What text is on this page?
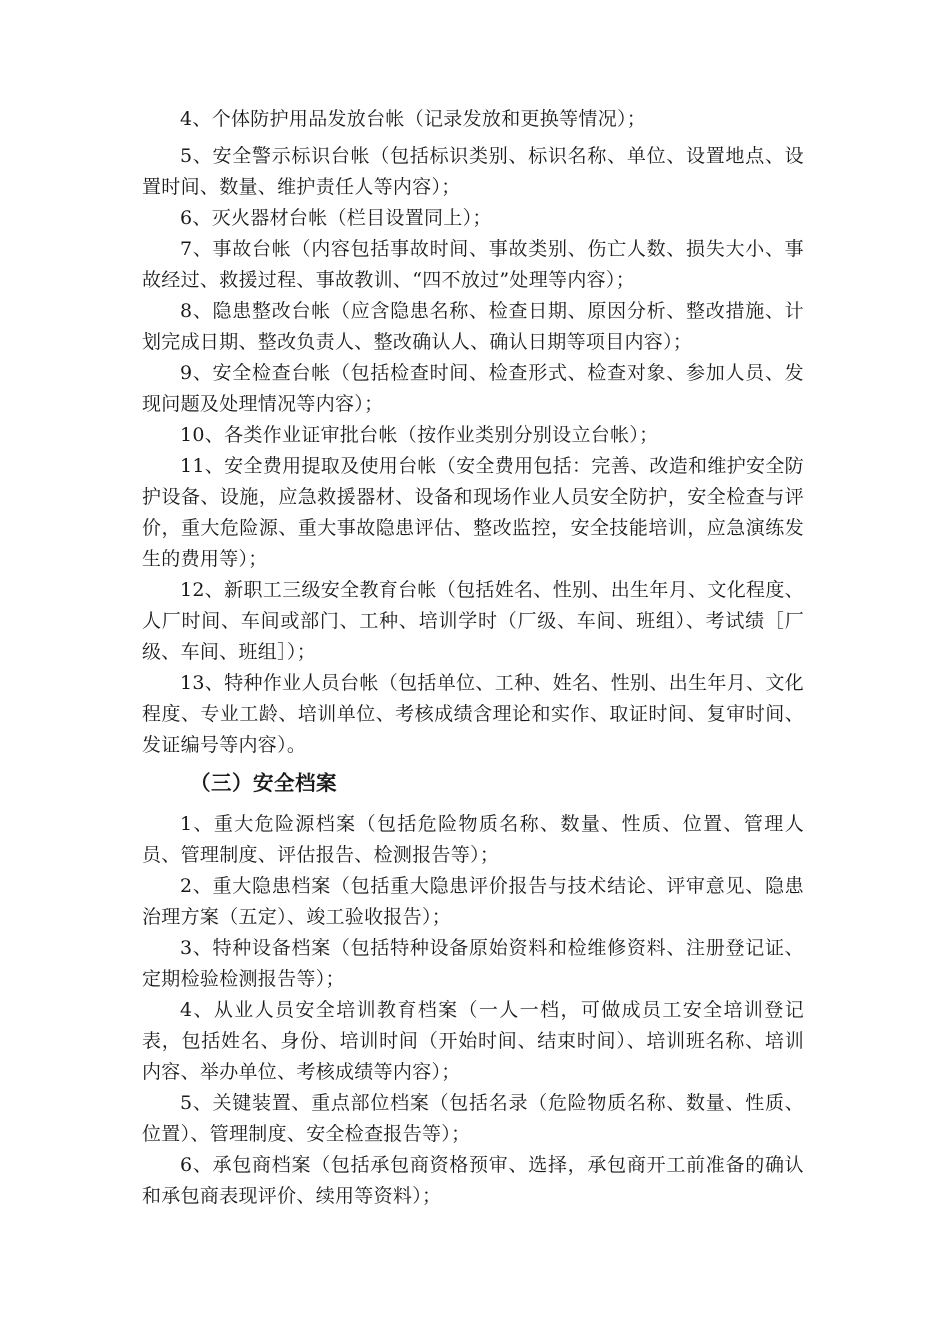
4、个体防护用品发放台帐（记录发放和更换等情况）；

5、安全警示标识台帐（包括标识类别、标识名称、单位、设置地点、设置时间、数量、维护责任人等内容）；

6、灭火器材台帐（栏目设置同上）；

7、事故台帐（内容包括事故时间、事故类别、伤亡人数、损失大小、事故经过、救援过程、事故教训、“四不放过”处理等内容）；

8、隐患整改台帐（应含隐患名称、检查日期、原因分析、整改措施、计划完成日期、整改负责人、整改确认人、确认日期等项目内容）；

9、安全检查台帐（包括检查时间、检查形式、检查对象、参加人员、发现问题及处理情况等内容）；

10、各类作业证审批台帐（按作业类别分别设立台帐）；

11、安全费用提取及使用台帐（安全费用包括：完善、改造和维护安全防护设备、设施，应急救援器材、设备和现场作业人员安全防护，安全检查与评价，重大危险源、重大事故隐患评估、整改监控，安全技能培训，应急演练发生的费用等）；

12、新职工三级安全教育台帐（包括姓名、性别、出生年月、文化程度、人厂时间、车间或部门、工种、培训学时（厂级、车间、班组）、考试绩［厂级、车间、班组］）；

13、特种作业人员台帐（包括单位、工种、姓名、性别、出生年月、文化程度、专业工龄、培训单位、考核成绩含理论和实作、取证时间、复审时间、发证编号等内容）。

（三）安全档案

1、重大危险源档案（包括危险物质名称、数量、性质、位置、管理人员、管理制度、评估报告、检测报告等）；

2、重大隐患档案（包括重大隐患评价报告与技术结论、评审意见、隐患治理方案（五定）、竣工验收报告）；

3、特种设备档案（包括特种设备原始资料和检维修资料、注册登记证、定期检验检测报告等）；

4、从业人员安全培训教育档案（一人一档，可做成员工安全培训登记表，包括姓名、身份、培训时间（开始时间、结束时间）、培训班名称、培训内容、举办单位、考核成绩等内容）；

5、关键装置、重点部位档案（包括名录（危险物质名称、数量、性质、位置）、管理制度、安全检查报告等）；

6、承包商档案（包括承包商资格预审、选择，承包商开工前准备的确认和承包商表现评价、续用等资料）；
